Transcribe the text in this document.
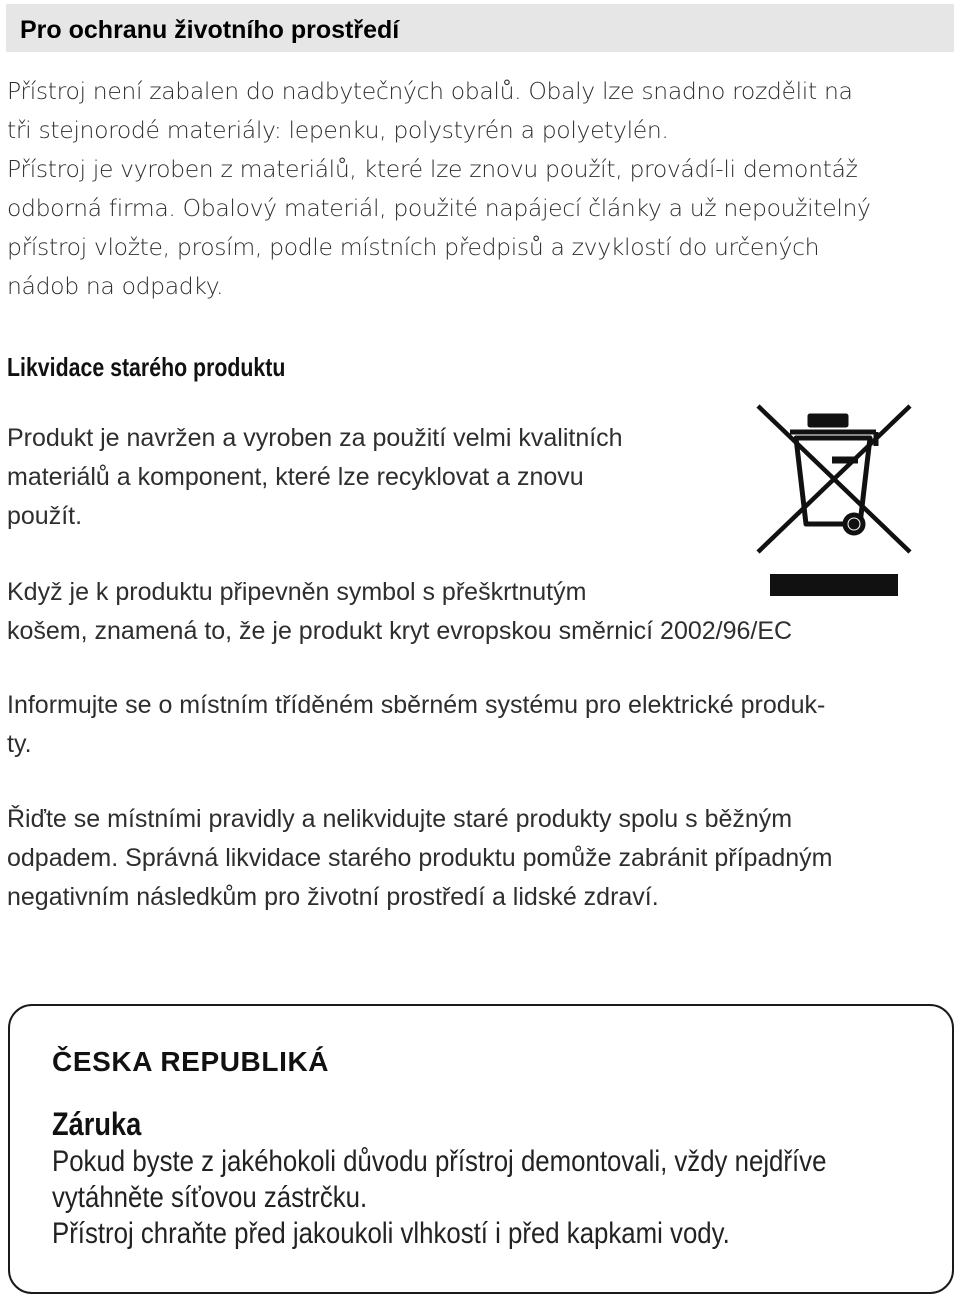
Pro ochranu životního prostředí

Přístroj není zabalen do nadbytečných obalů. Obaly lze snadno rozdělit na
tři stejnorodé materiály: lepenku, polystyrén a polyetylén.
Přístroj je vyroben z materiálů, které lze znovu použít, provádí-li demontáž
odborná firma. Obalový materiál, použité napájecí články a už nepoužitelný
přístroj vložte, prosím, podle místních předpisů a zvyklostí do určených
nádob na odpadky.

Likvidace starého produktu

Produkt je navržen a vyroben za použití velmi kvalitních
materiálů a komponent, které lze recyklovat a znovu
použít.

Když je k produktu připevněn symbol s přeškrtnutým
košem, znamená to, že je produkt kryt evropskou směrnicí 2002/96/EC

Informujte se o místním tříděném sběrném systému pro elektrické produk-
ty.

Řiďte se místními pravidly a nelikvidujte staré produkty spolu s běžným
odpadem. Správná likvidace starého produktu pomůže zabránit případným
negativním následkům pro životní prostředí a lidské zdraví.

ČESKA REPUBLIKÁ
Záruka

Pokud byste z jakéhokoli důvodu přístroj demontovali, vždy nejdříve
vytáhněte síťovou zástrčku.
Přístroj chraňte před jakoukoli vlhkostí i před kapkami vody.
